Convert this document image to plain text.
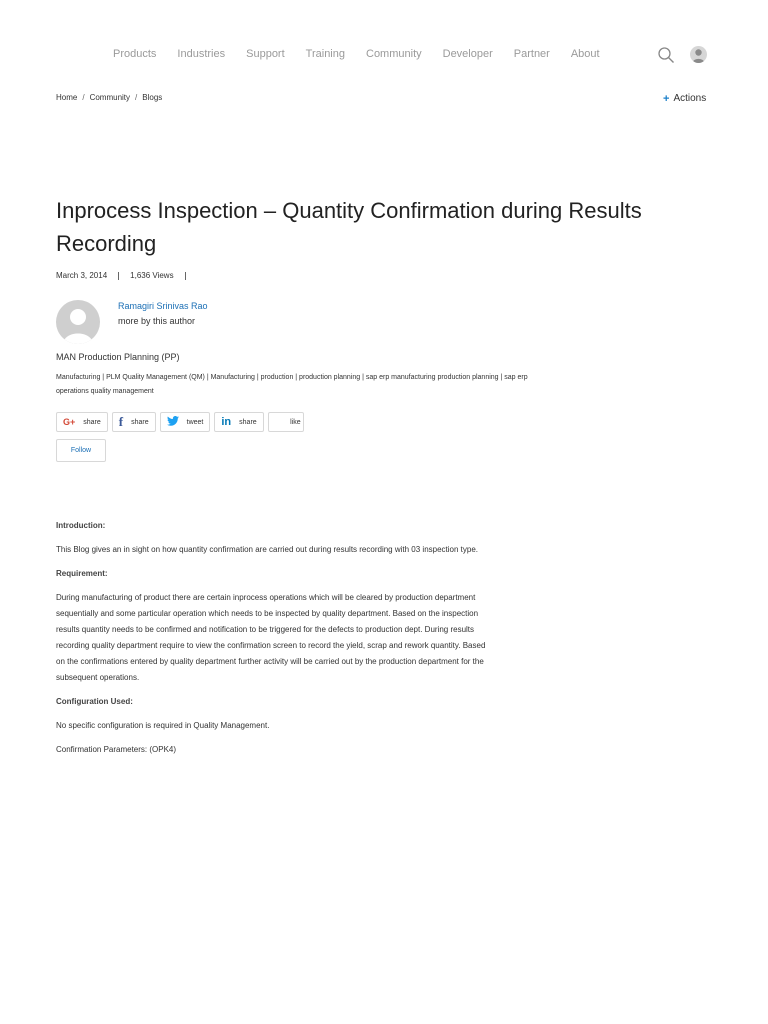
Products Industries Support Training Community Developer Partner About
Home / Community / Blogs	+ Actions
Inprocess Inspection – Quantity Confirmation during Results Recording
March 3, 2014	1,636 Views
Ramagiri Srinivas Rao
more by this author
MAN Production Planning (PP)
Manufacturing | PLM Quality Management (QM) | Manufacturing | production | production planning | sap erp manufacturing production planning | sap erp operations quality management
G+ share f share	tweet in share	like
Follow

Introduction:

This Blog gives an in sight on how quantity confirmation are carried out during results recording with 03 inspection type.

Requirement:

During manufacturing of product there are certain inprocess operations which will be cleared by production department sequentially and some particular operation which needs to be inspected by quality department. Based on the inspection results quantity needs to be confirmed and notification to be triggered for the defects to production dept. During results recording quality department require to view the confirmation screen to record the yield, scrap and rework quantity. Based on the confirmations entered by quality department further activity will be carried out by the production department for the subsequent operations.

Configuration Used:

No specific configuration is required in Quality Management.

Confirmation Parameters: (OPK4)
